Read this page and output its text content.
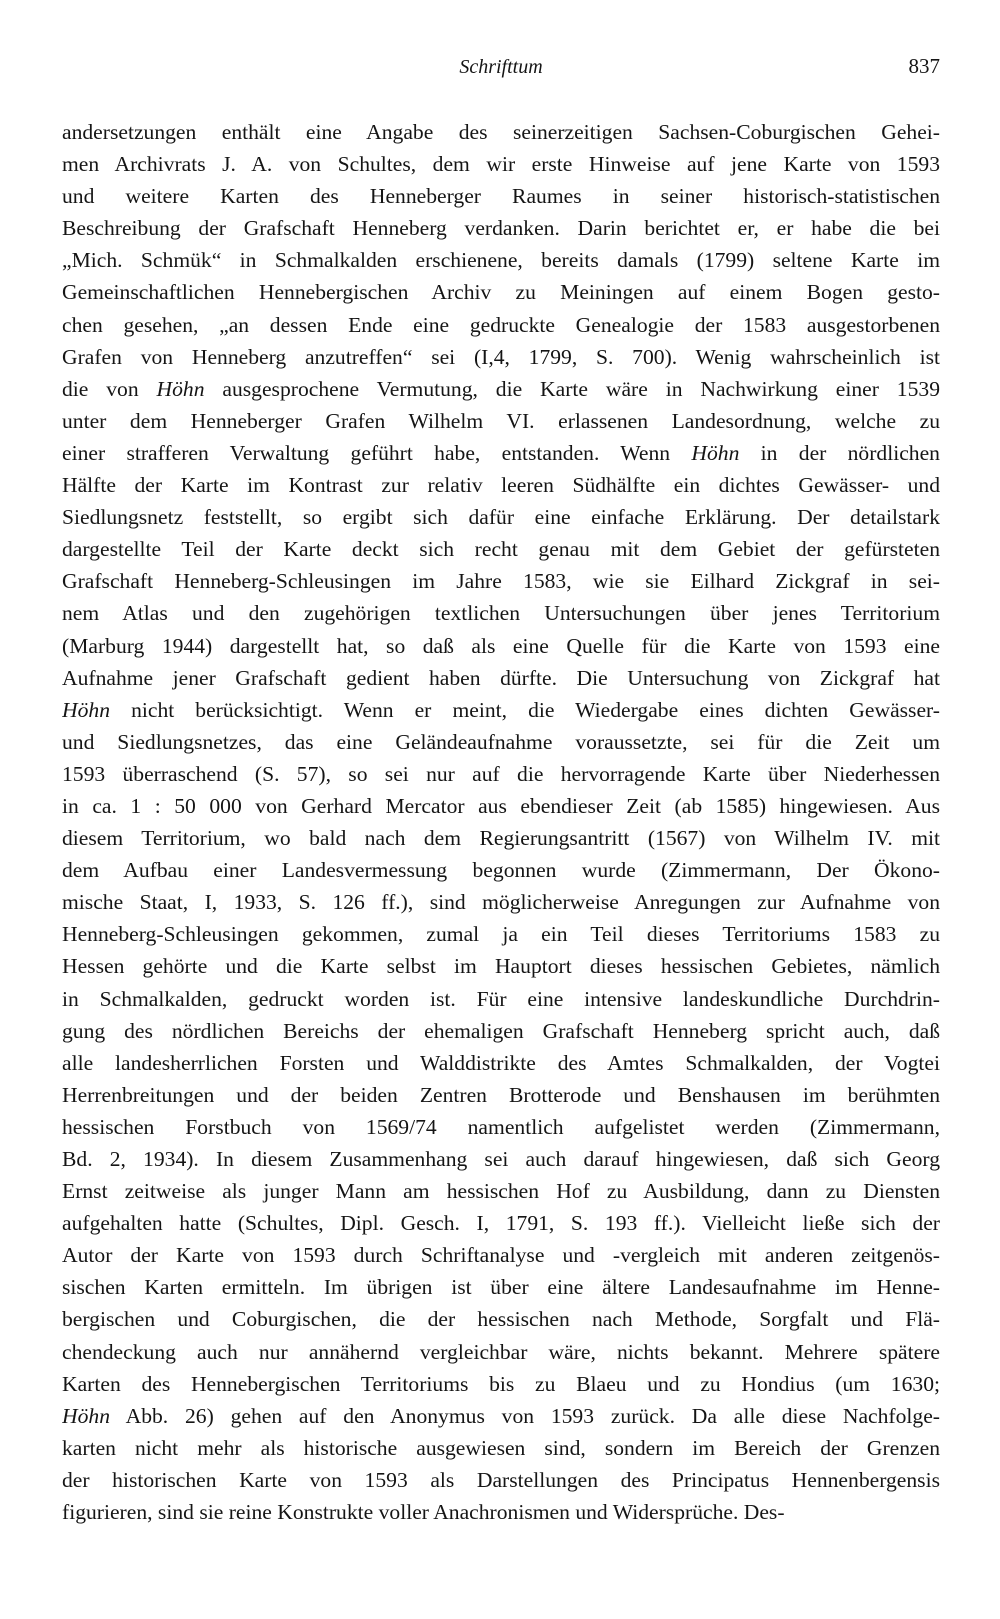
Schrifttum	837
andersetzungen enthält eine Angabe des seinerzeitigen Sachsen-Coburgischen Gehei-
men Archivrats J. A. von Schultes, dem wir erste Hinweise auf jene Karte von 1593
und weitere Karten des Henneberger Raumes in seiner historisch-statistischen
Beschreibung der Grafschaft Henneberg verdanken. Darin berichtet er, er habe die bei
„Mich. Schmük“ in Schmalkalden erschienene, bereits damals (1799) seltene Karte im
Gemeinschaftlichen Hennebergischen Archiv zu Meiningen auf einem Bogen gesto-
chen gesehen, „an dessen Ende eine gedruckte Genealogie der 1583 ausgestorbenen
Grafen von Henneberg anzutreffen“ sei (I,4, 1799, S. 700). Wenig wahrscheinlich ist
die von Höhn ausgesprochene Vermutung, die Karte wäre in Nachwirkung einer 1539
unter dem Henneberger Grafen Wilhelm VI. erlassenen Landesordnung, welche zu
einer strafferen Verwaltung geführt habe, entstanden. Wenn Höhn in der nördlichen
Hälfte der Karte im Kontrast zur relativ leeren Südhälfte ein dichtes Gewässer- und
Siedlungsnetz feststellt, so ergibt sich dafür eine einfache Erklärung. Der detailstark
dargestellte Teil der Karte deckt sich recht genau mit dem Gebiet der gefürsteten
Grafschaft Henneberg-Schleusingen im Jahre 1583, wie sie Eilhard Zickgraf in sei-
nem Atlas und den zugehörigen textlichen Untersuchungen über jenes Territorium
(Marburg 1944) dargestellt hat, so daß als eine Quelle für die Karte von 1593 eine
Aufnahme jener Grafschaft gedient haben dürfte. Die Untersuchung von Zickgraf hat
Höhn nicht berücksichtigt. Wenn er meint, die Wiedergabe eines dichten Gewässer-
und Siedlungsnetzes, das eine Geländeaufnahme voraussetzte, sei für die Zeit um
1593 überraschend (S. 57), so sei nur auf die hervorragende Karte über Niederhessen
in ca. 1 : 50 000 von Gerhard Mercator aus ebendieser Zeit (ab 1585) hingewiesen. Aus
diesem Territorium, wo bald nach dem Regierungsantritt (1567) von Wilhelm IV. mit
dem Aufbau einer Landesvermessung begonnen wurde (Zimmermann, Der Ökono-
mische Staat, I, 1933, S. 126 ff.), sind möglicherweise Anregungen zur Aufnahme von
Henneberg-Schleusingen gekommen, zumal ja ein Teil dieses Territoriums 1583 zu
Hessen gehörte und die Karte selbst im Hauptort dieses hessischen Gebietes, nämlich
in Schmalkalden, gedruckt worden ist. Für eine intensive landeskundliche Durchdrin-
gung des nördlichen Bereichs der ehemaligen Grafschaft Henneberg spricht auch, daß
alle landesherrlichen Forsten und Walddistrikte des Amtes Schmalkalden, der Vogtei
Herrenbreitungen und der beiden Zentren Brotterode und Benshausen im berühmten
hessischen Forstbuch von 1569/74 namentlich aufgelistet werden (Zimmermann,
Bd. 2, 1934). In diesem Zusammenhang sei auch darauf hingewiesen, daß sich Georg
Ernst zeitweise als junger Mann am hessischen Hof zu Ausbildung, dann zu Diensten
aufgehalten hatte (Schultes, Dipl. Gesch. I, 1791, S. 193 ff.). Vielleicht ließe sich der
Autor der Karte von 1593 durch Schriftanalyse und -vergleich mit anderen zeitgenös-
sischen Karten ermitteln. Im übrigen ist über eine ältere Landesaufnahme im Henne-
bergischen und Coburgischen, die der hessischen nach Methode, Sorgfalt und Flä-
chendeckung auch nur annähernd vergleichbar wäre, nichts bekannt. Mehrere spätere
Karten des Hennebergischen Territoriums bis zu Blaeu und zu Hondius (um 1630;
Höhn Abb. 26) gehen auf den Anonymus von 1593 zurück. Da alle diese Nachfolge-
karten nicht mehr als historische ausgewiesen sind, sondern im Bereich der Grenzen
der historischen Karte von 1593 als Darstellungen des Principatus Hennenbergensis
figurieren, sind sie reine Konstrukte voller Anachronismen und Widersprüche. Des-
